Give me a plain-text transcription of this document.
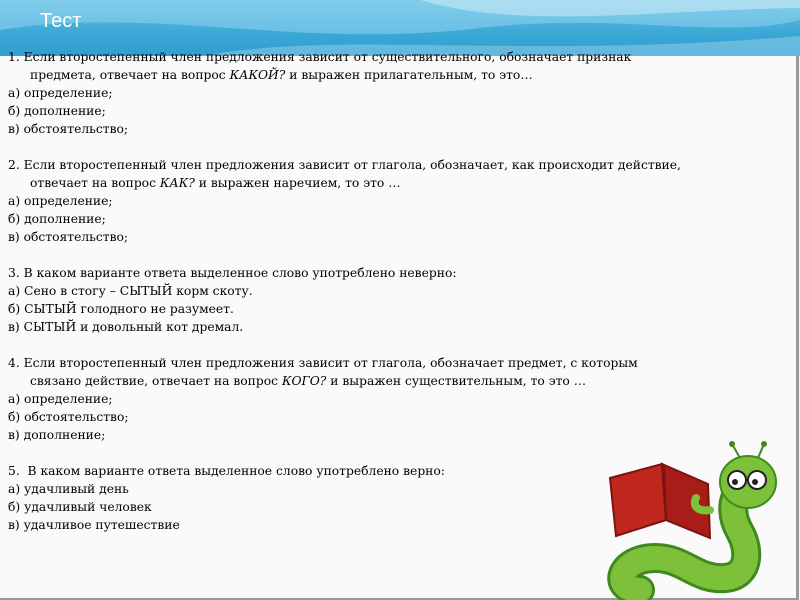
Тест

1. Если второстепенный член предложения зависит от существительного, обозначает признак

предмета, отвечает на вопрос КАКОЙ? и выражен прилагательным, то это…

а) определение;

б) дополнение;

в) обстоятельство;

2. Если второстепенный член предложения зависит от глагола, обозначает, как происходит действие,

отвечает на вопрос КАК? и выражен наречием, то это …

а) определение;

б) дополнение;

в) обстоятельство;

3. В каком варианте ответа выделенное слово употреблено неверно:

а) Сено в стогу – СЫТЫЙ корм скоту.

б) СЫТЫЙ голодного не разумеет.

в) СЫТЫЙ и довольный кот дремал.

4. Если второстепенный член предложения зависит от глагола, обозначает предмет, с которым

связано действие, отвечает на вопрос КОГО? и выражен существительным, то это …

а) определение;

б) обстоятельство;

в) дополнение;

5.  В каком варианте ответа выделенное слово употреблено верно:

а) удачливый день

б) удачливый человек

в) удачливое путешествие
